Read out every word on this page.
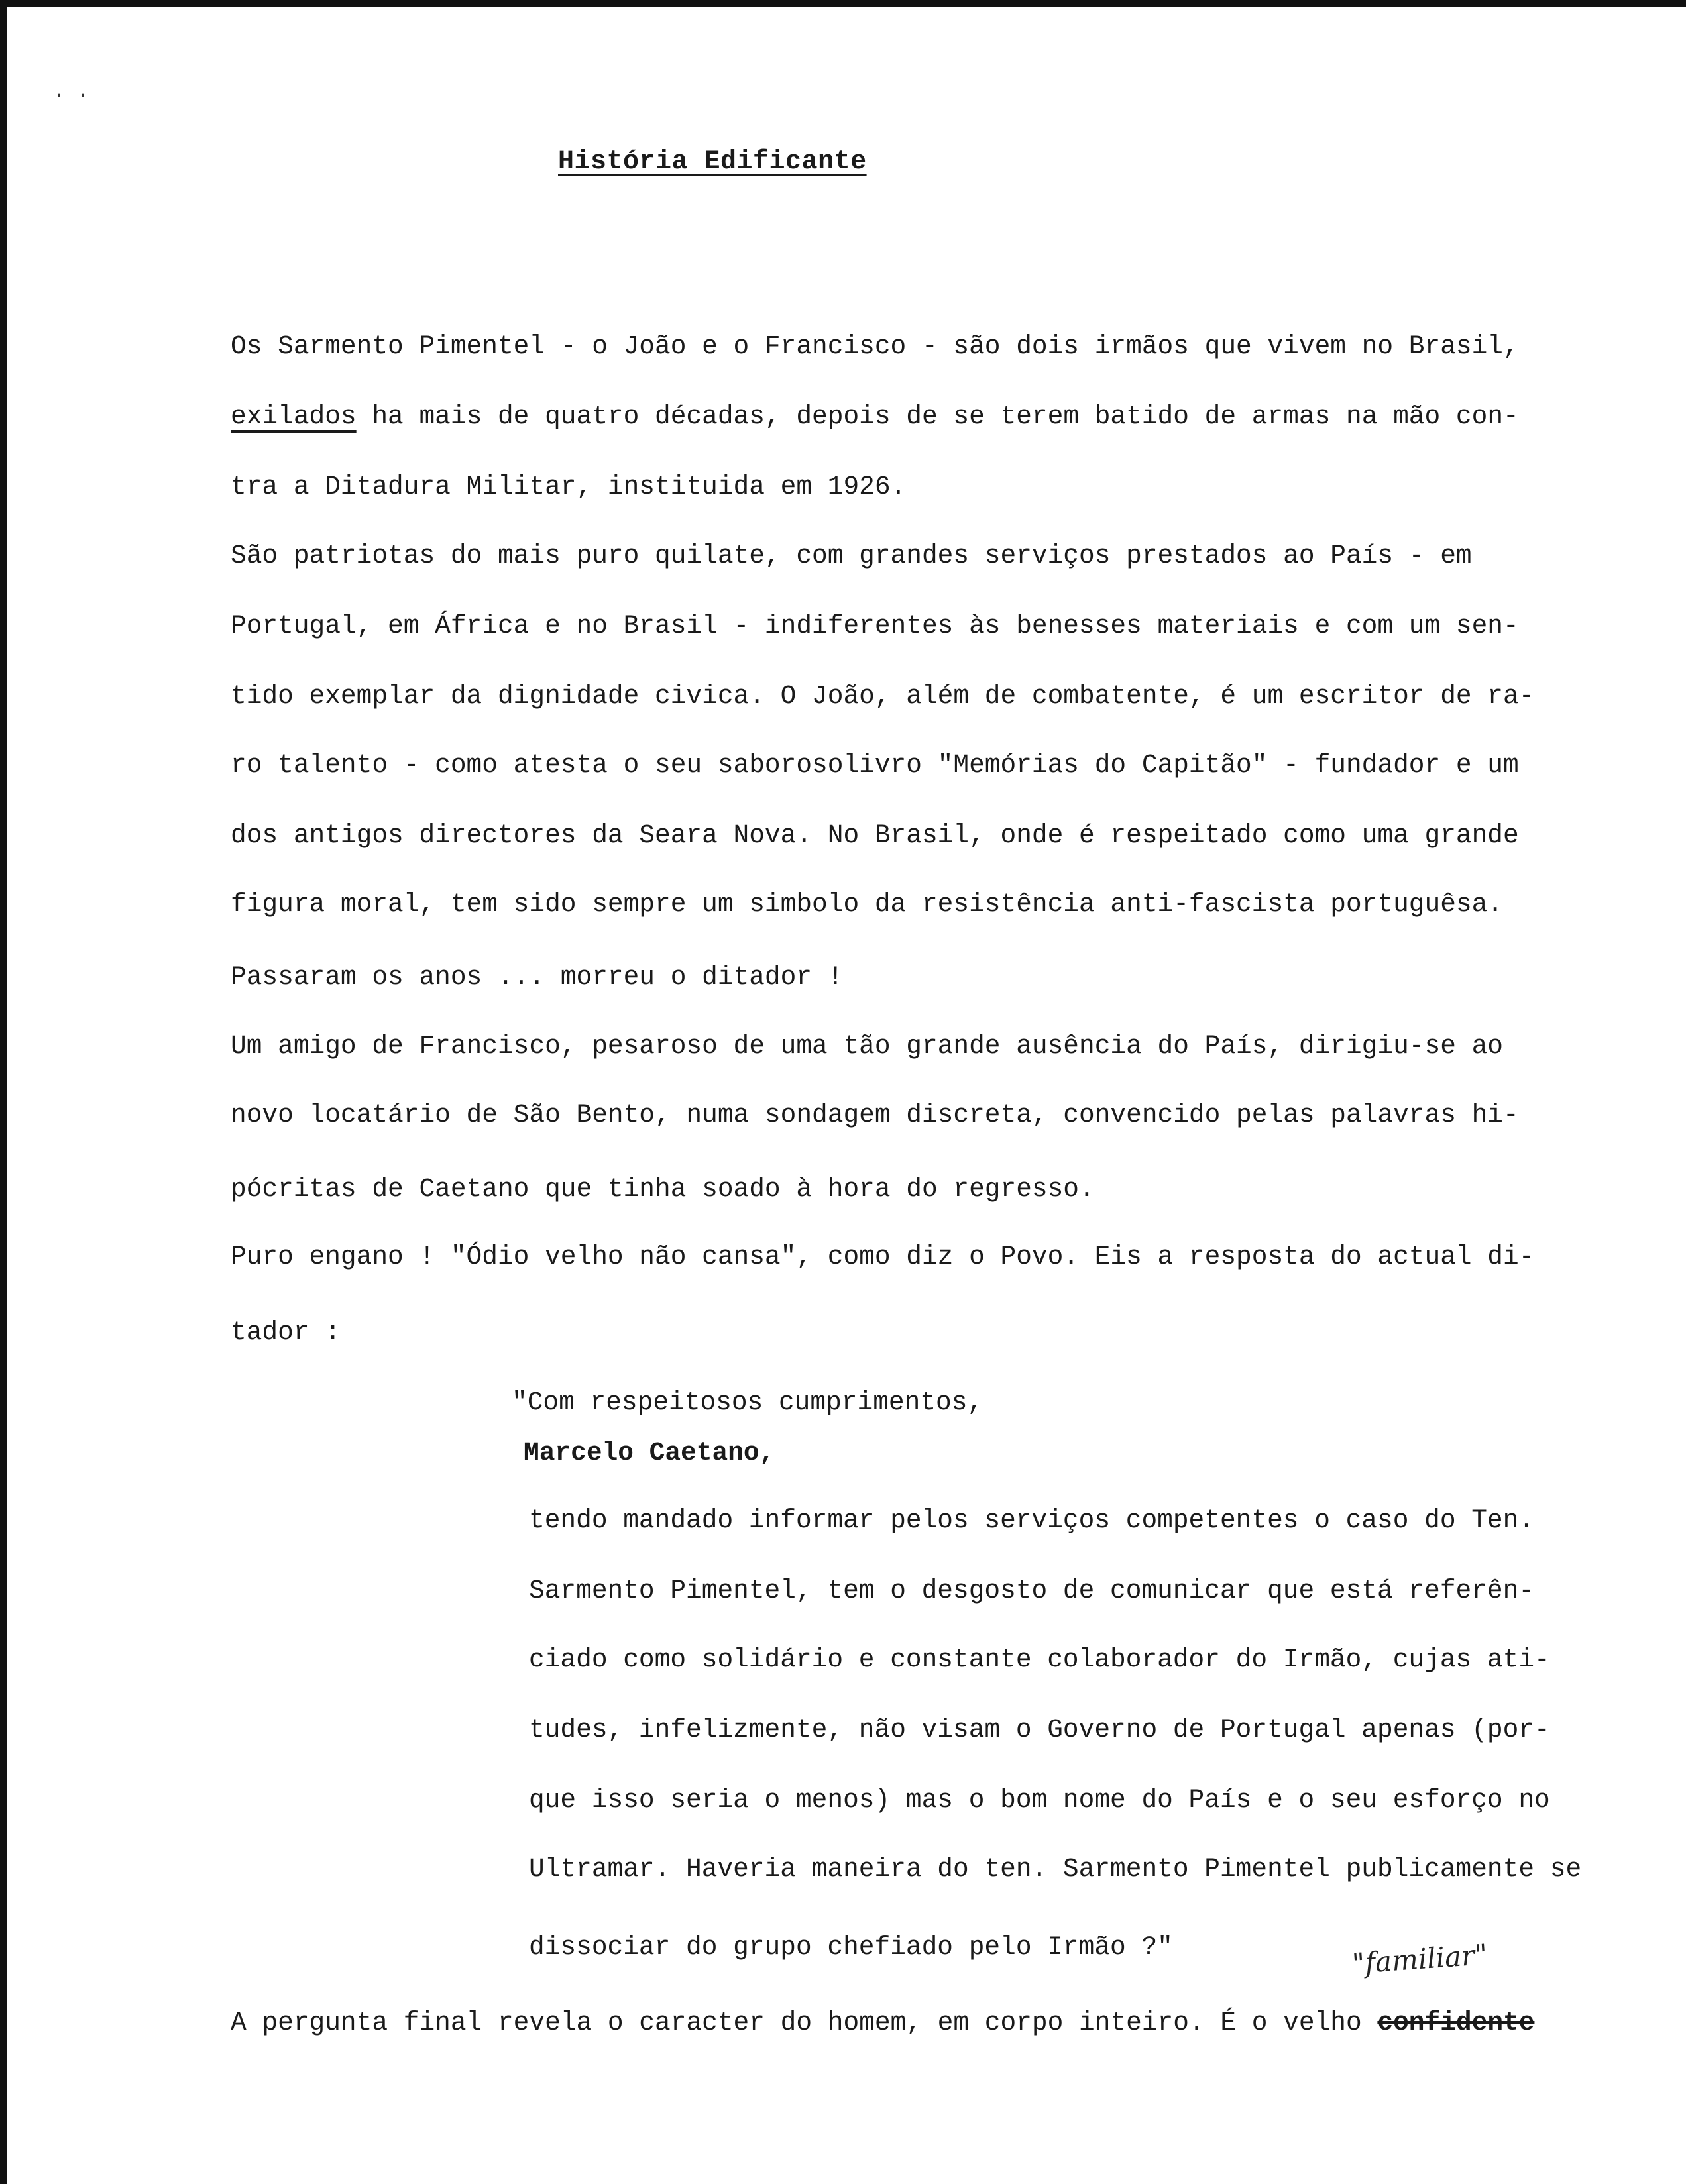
· ·
História Edificante

Os Sarmento Pimentel - o João e o Francisco - são dois irmãos que vivem no Brasil,

exilados ha mais de quatro décadas, depois de se terem batido de armas na mão con-

tra a Ditadura Militar, instituida em 1926.

São patriotas do mais puro quilate, com grandes serviços prestados ao País - em

Portugal, em África e no Brasil - indiferentes às benesses materiais e com um sen-

tido exemplar da dignidade civica. O João, além de combatente, é um escritor de ra-

ro talento - como atesta o seu saborosolivro "Memórias do Capitão" - fundador e um

dos antigos directores da Seara Nova. No Brasil, onde é respeitado como uma grande

figura moral, tem sido sempre um simbolo da resistência anti-fascista portuguêsa.

Passaram os anos ... morreu o ditador !

Um amigo de Francisco, pesaroso de uma tão grande ausência do País, dirigiu-se ao

novo locatário de São Bento, numa sondagem discreta, convencido pelas palavras hi-

pócritas de Caetano que tinha soado à hora do regresso.

Puro engano ! "Ódio velho não cansa", como diz o Povo. Eis a resposta do actual di-

tador :

"Com respeitosos cumprimentos,

Marcelo Caetano,

tendo mandado informar pelos serviços competentes o caso do Ten.

Sarmento Pimentel, tem o desgosto de comunicar que está referên-

ciado como solidário e constante colaborador do Irmão, cujas ati-

tudes, infelizmente, não visam o Governo de Portugal apenas (por-

que isso seria o menos) mas o bom nome do País e o seu esforço no

Ultramar. Haveria maneira do ten. Sarmento Pimentel publicamente se

dissociar do grupo chefiado pelo Irmão ?"	"familiar"

A pergunta final revela o caracter do homem, em corpo inteiro. É o velho confidente
